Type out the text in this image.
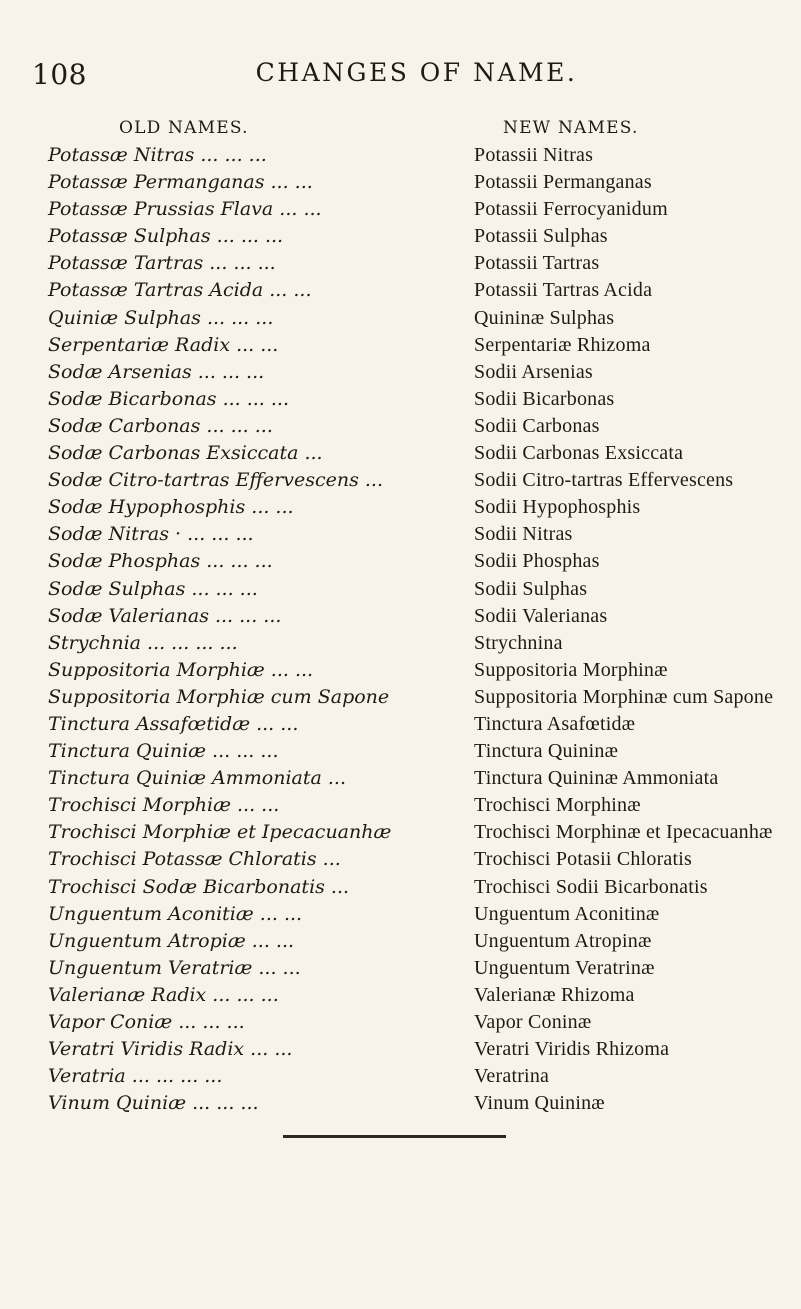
108	CHANGES OF NAME.
OLD NAMES.	NEW NAMES.
Potassæ Nitras ... ... ...	Potassii Nitras
Potassæ Permanganas ... ...	Potassii Permanganas
Potassæ Prussias Flava ... ...	Potassii Ferrocyanidum
Potassæ Sulphas ... ... ...	Potassii Sulphas
Potassæ Tartras ... ... ...	Potassii Tartras
Potassæ Tartras Acida ... ...	Potassii Tartras Acida
Quiniæ Sulphas ... ... ...	Quininæ Sulphas
Serpentariæ Radix ... ...	Serpentariæ Rhizoma
Sodæ Arsenias ... ... ...	Sodii Arsenias
Sodæ Bicarbonas ... ... ...	Sodii Bicarbonas
Sodæ Carbonas ... ... ...	Sodii Carbonas
Sodæ Carbonas Exsiccata ...	Sodii Carbonas Exsiccata
Sodæ Citro-tartras Effervescens ...	Sodii Citro-tartras Effervescens
Sodæ Hypophosphis ... ...	Sodii Hypophosphis
Sodæ Nitras · ... ... ...	Sodii Nitras
Sodæ Phosphas ... ... ...	Sodii Phosphas
Sodæ Sulphas ... ... ...	Sodii Sulphas
Sodæ Valerianas ... ... ...	Sodii Valerianas
Strychnia ... ... ... ...	Strychnina
Suppositoria Morphiæ ... ...	Suppositoria Morphinæ
Suppositoria Morphiæ cum Sapone	Suppositoria Morphinæ cum Sapone
Tinctura Assafœtidæ ... ...	Tinctura Asafœtidæ
Tinctura Quiniæ ... ... ...	Tinctura Quininæ
Tinctura Quiniæ Ammoniata ...	Tinctura Quininæ Ammoniata
Trochisci Morphiæ ... ...	Trochisci Morphinæ
Trochisci Morphiæ et Ipecacuanhæ	Trochisci Morphinæ et Ipecacuanhæ
Trochisci Potassæ Chloratis ...	Trochisci Potasii Chloratis
Trochisci Sodæ Bicarbonatis ...	Trochisci Sodii Bicarbonatis
Unguentum Aconitiæ ... ...	Unguentum Aconitinæ
Unguentum Atropiæ ... ...	Unguentum Atropinæ
Unguentum Veratriæ ... ...	Unguentum Veratrinæ
Valerianæ Radix ... ... ...	Valerianæ Rhizoma
Vapor Coniæ ... ... ...	Vapor Coninæ
Veratri Viridis Radix ... ...	Veratri Viridis Rhizoma
Veratria ... ... ... ...	Veratrina
Vinum Quiniæ ... ... ...	Vinum Quininæ
